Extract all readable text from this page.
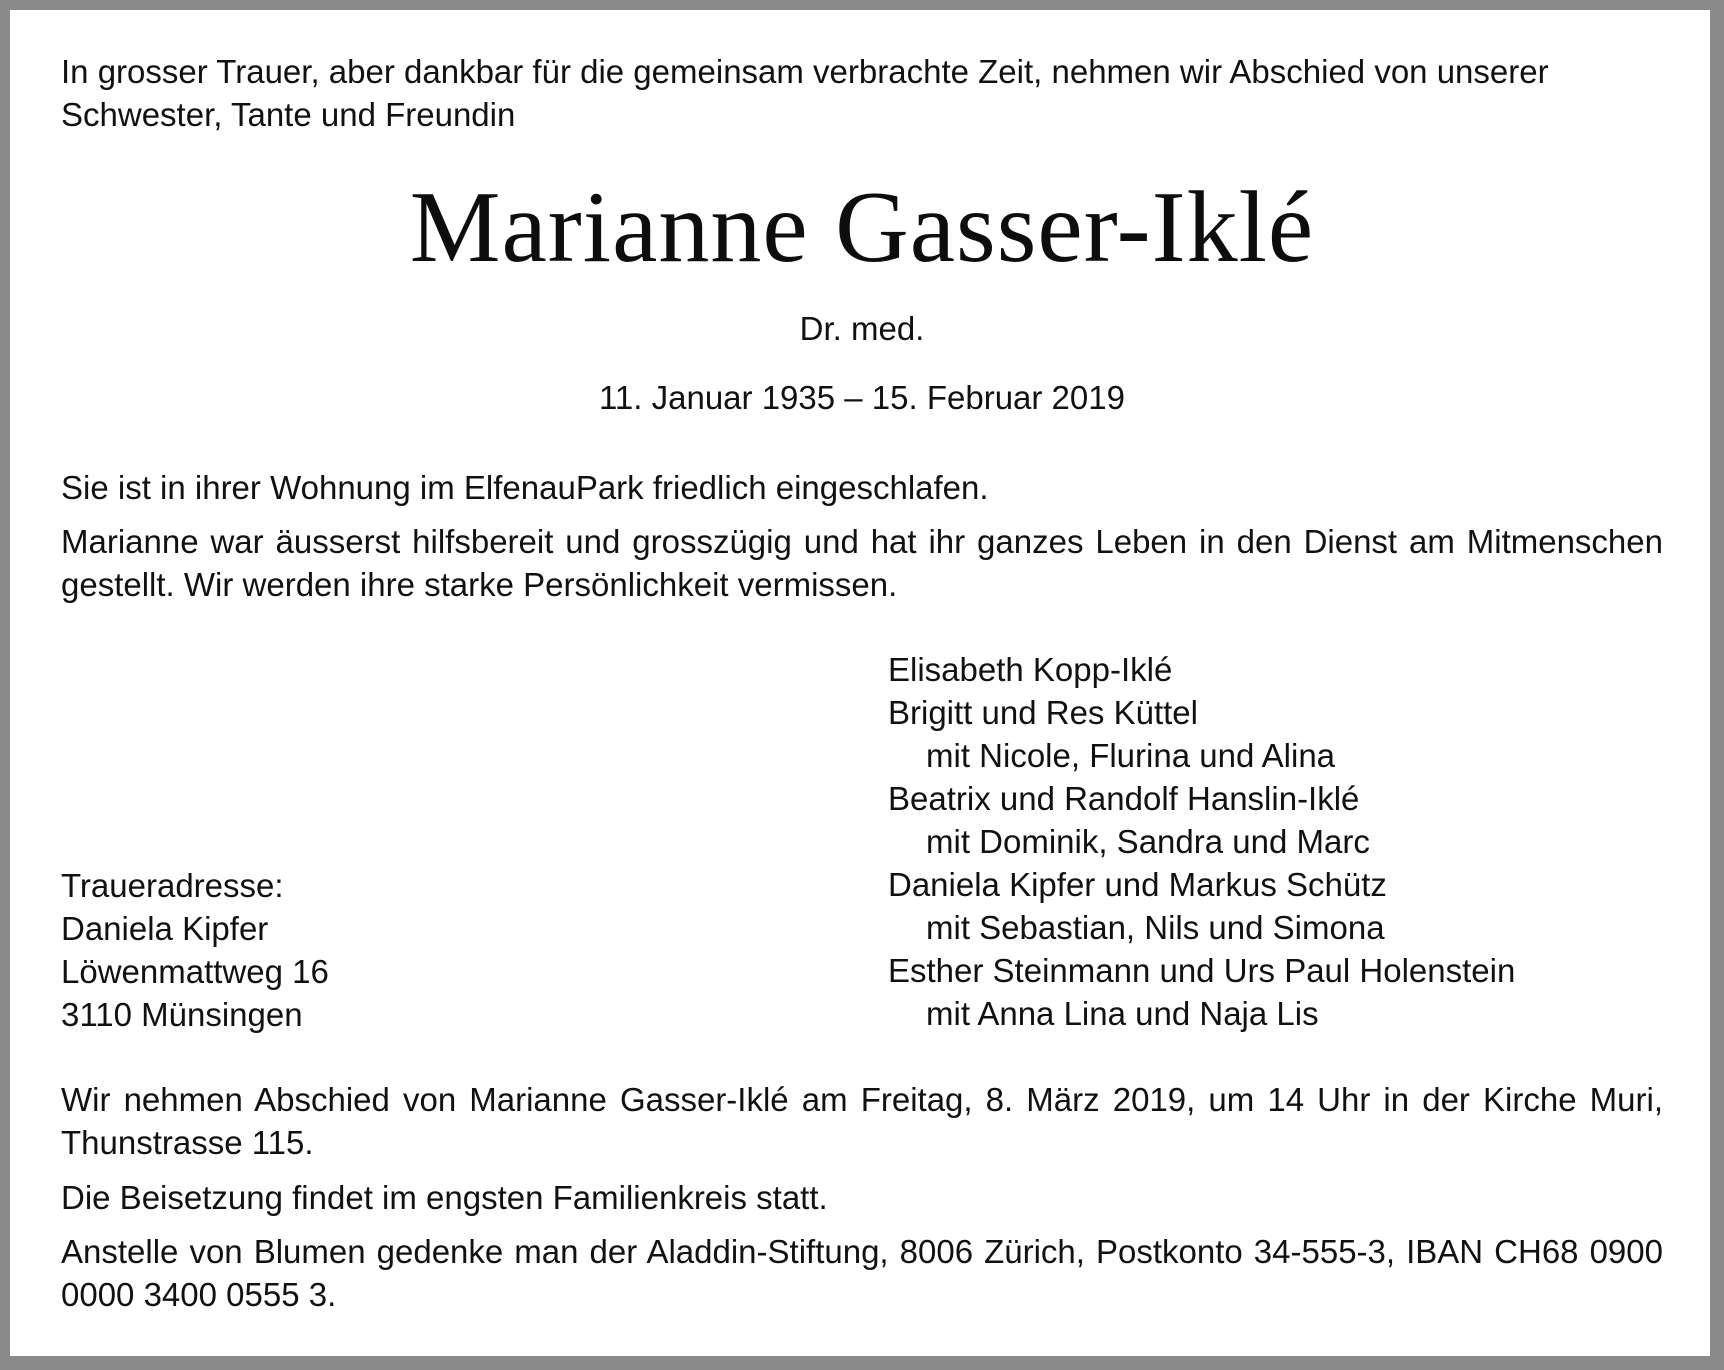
In grosser Trauer, aber dankbar für die gemeinsam verbrachte Zeit, nehmen wir Abschied von unserer Schwester, Tante und Freundin
Marianne Gasser-Iklé
Dr. med.
11. Januar 1935 – 15. Februar 2019
Sie ist in ihrer Wohnung im ElfenauPark friedlich eingeschlafen.
Marianne war äusserst hilfsbereit und grosszügig und hat ihr ganzes Leben in den Dienst am Mitmenschen gestellt. Wir werden ihre starke Persönlichkeit vermissen.
Elisabeth Kopp-Iklé
Brigitt und Res Küttel
mit Nicole, Flurina und Alina
Beatrix und Randolf Hanslin-Iklé
mit Dominik, Sandra und Marc
Daniela Kipfer und Markus Schütz
mit Sebastian, Nils und Simona
Esther Steinmann und Urs Paul Holenstein
mit Anna Lina und Naja Lis
Traueradresse:
Daniela Kipfer
Löwenmattweg 16
3110 Münsingen
Wir nehmen Abschied von Marianne Gasser-Iklé am Freitag, 8. März 2019, um 14 Uhr in der Kirche Muri, Thunstrasse 115.
Die Beisetzung findet im engsten Familienkreis statt.
Anstelle von Blumen gedenke man der Aladdin-Stiftung, 8006 Zürich, Postkonto 34-555-3, IBAN CH68 0900 0000 3400 0555 3.
